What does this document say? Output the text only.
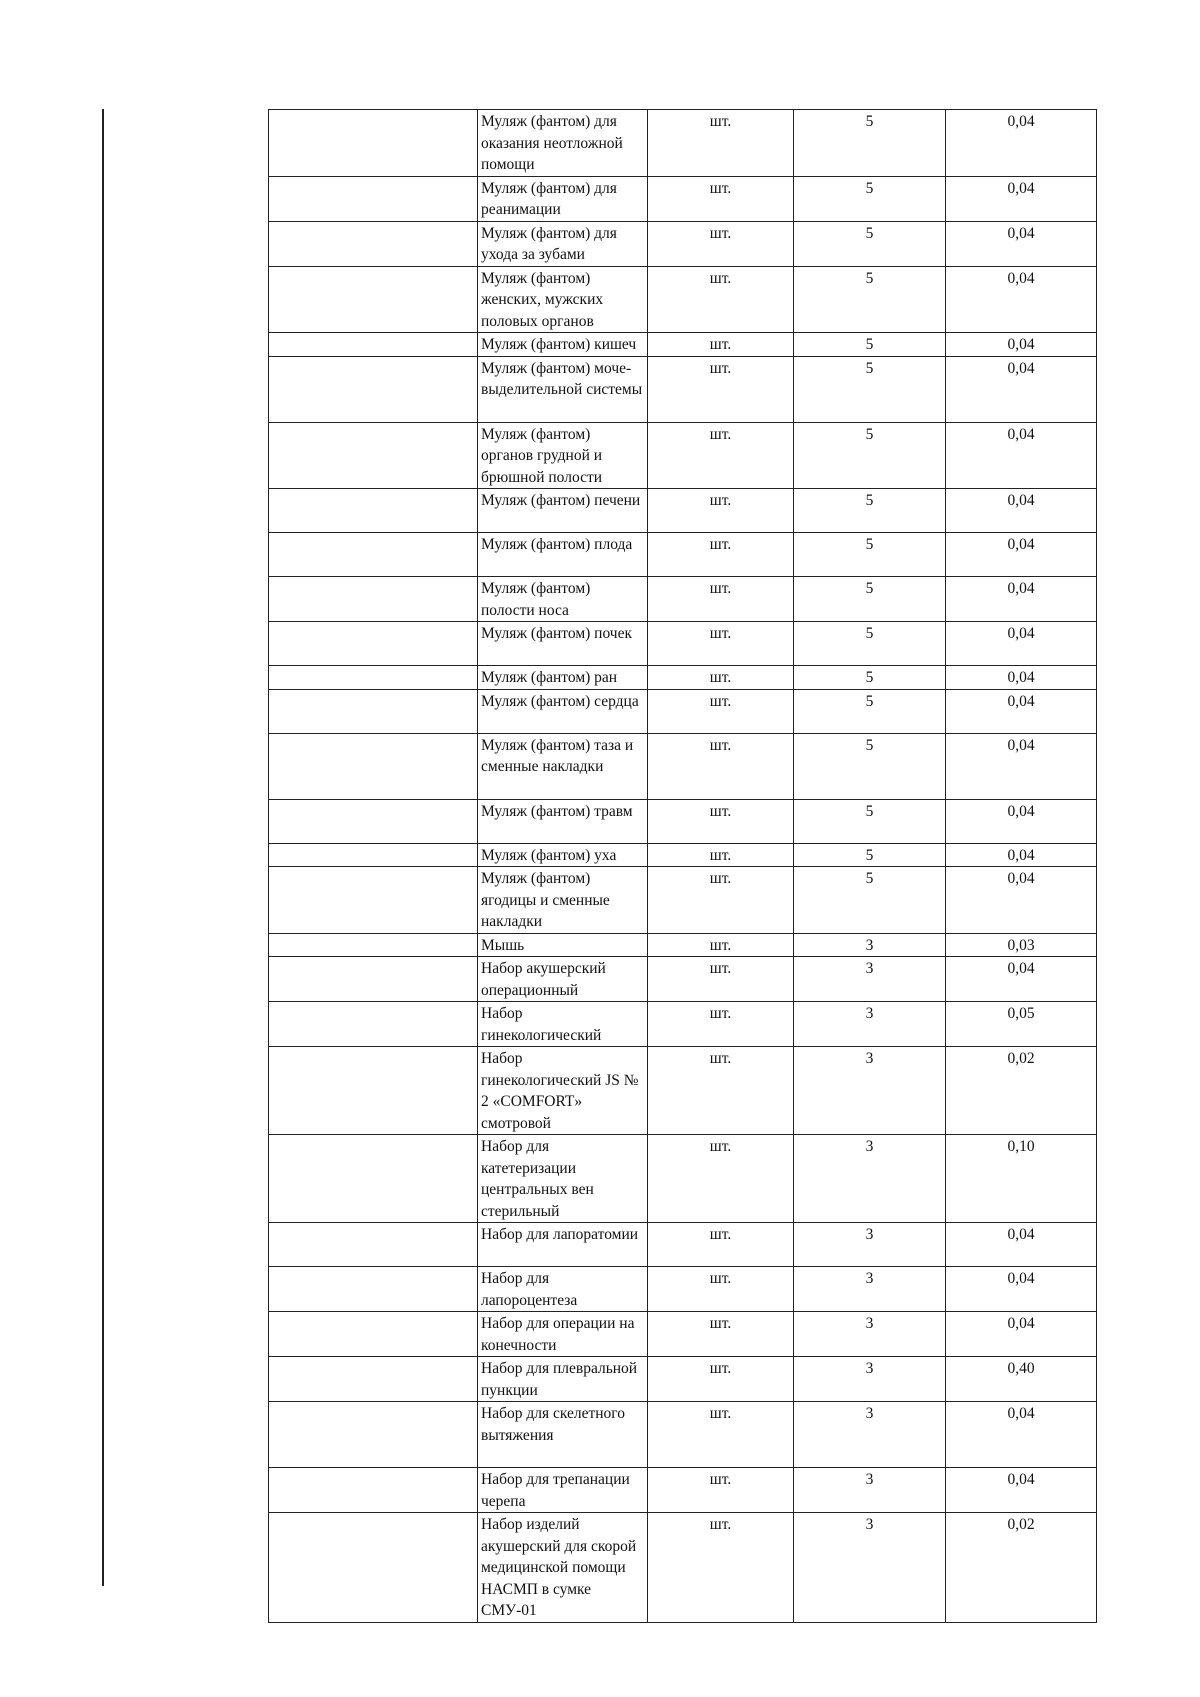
	Муляж (фантом) для оказания неотложной помощи	шт.	5	0,04
	Муляж (фантом) для реанимации	шт.	5	0,04
	Муляж (фантом) для ухода за зубами	шт.	5	0,04
	Муляж (фантом) женских, мужских половых органов	шт.	5	0,04
	Муляж (фантом) кишеч	шт.	5	0,04
	Муляж (фантом) моче-выделительной системы	шт.	5	0,04
	Муляж (фантом) органов грудной и брюшной полости	шт.	5	0,04
	Муляж (фантом) печени	шт.	5	0,04
	Муляж (фантом) плода	шт.	5	0,04
	Муляж (фантом) полости носа	шт.	5	0,04
	Муляж (фантом) почек	шт.	5	0,04
	Муляж (фантом) ран	шт.	5	0,04
	Муляж (фантом) сердца	шт.	5	0,04
	Муляж (фантом) таза и сменные накладки	шт.	5	0,04
	Муляж (фантом) травм	шт.	5	0,04
	Муляж (фантом) уха	шт.	5	0,04
	Муляж (фантом) ягодицы и сменные накладки	шт.	5	0,04
	Мышь	шт.	3	0,03
	Набор акушерский операционный	шт.	3	0,04
	Набор гинекологический	шт.	3	0,05
	Набор гинекологический JS № 2 «COMFORT» смотровой	шт.	3	0,02
	Набор для катетеризации центральных вен стерильный	шт.	3	0,10
	Набор для лапоратомии	шт.	3	0,04
	Набор для лапороцентеза	шт.	3	0,04
	Набор для операции на конечности	шт.	3	0,04
	Набор для плевральной пункции	шт.	3	0,40
	Набор для скелетного вытяжения	шт.	3	0,04
	Набор для трепанации черепа	шт.	3	0,04
	Набор изделий акушерский для скорой медицинской помощи НАСМП в сумке СМУ-01	шт.	3	0,02
